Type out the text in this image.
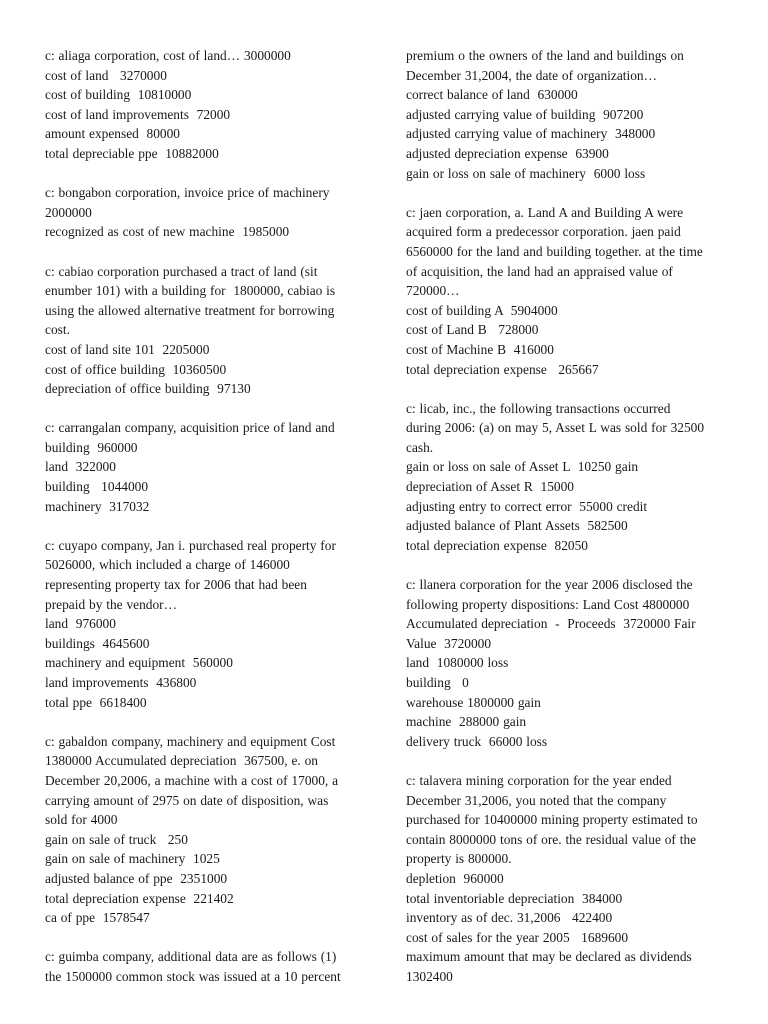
c: aliaga corporation, cost of land… 3000000
cost of land   3270000
cost of building  10810000
cost of land improvements  72000
amount expensed  80000
total depreciable ppe  10882000
c: bongabon corporation, invoice price of machinery
2000000
recognized as cost of new machine  1985000
c: cabiao corporation purchased a tract of land (sit
enumber 101) with a building for  1800000, cabiao is
using the allowed alternative treatment for borrowing
cost.
cost of land site 101  2205000
cost of office building  10360500
depreciation of office building  97130
c: carrangalan company, acquisition price of land and
building  960000
land  322000
building   1044000
machinery  317032
c: cuyapo company, Jan i. purchased real property for
5026000, which included a charge of 146000
representing property tax for 2006 that had been
prepaid by the vendor…
land  976000
buildings  4645600
machinery and equipment  560000
land improvements  436800
total ppe  6618400
c: gabaldon company, machinery and equipment Cost
1380000 Accumulated depreciation  367500, e. on
December 20,2006, a machine with a cost of 17000, a
carrying amount of 2975 on date of disposition, was
sold for 4000
gain on sale of truck   250
gain on sale of machinery  1025
adjusted balance of ppe  2351000
total depreciation expense  221402
ca of ppe  1578547
c: guimba company, additional data are as follows (1)
the 1500000 common stock was issued at a 10 percent
premium o the owners of the land and buildings on
December 31,2004, the date of organization…
correct balance of land  630000
adjusted carrying value of building  907200
adjusted carrying value of machinery  348000
adjusted depreciation expense  63900
gain or loss on sale of machinery  6000 loss
c: jaen corporation, a. Land A and Building A were
acquired form a predecessor corporation. jaen paid
6560000 for the land and building together. at the time
of acquisition, the land had an appraised value of
720000…
cost of building A  5904000
cost of Land B   728000
cost of Machine B  416000
total depreciation expense   265667
c: licab, inc., the following transactions occurred
during 2006: (a) on may 5, Asset L was sold for 32500
cash.
gain or loss on sale of Asset L  10250 gain
depreciation of Asset R  15000
adjusting entry to correct error  55000 credit
adjusted balance of Plant Assets  582500
total depreciation expense  82050
c: llanera corporation for the year 2006 disclosed the
following property dispositions: Land Cost 4800000
Accumulated depreciation  -  Proceeds  3720000 Fair
Value  3720000
land  1080000 loss
building   0
warehouse 1800000 gain
machine  288000 gain
delivery truck  66000 loss
c: talavera mining corporation for the year ended
December 31,2006, you noted that the company
purchased for 10400000 mining property estimated to
contain 8000000 tons of ore. the residual value of the
property is 800000.
depletion  960000
total inventoriable depreciation  384000
inventory as of dec. 31,2006   422400
cost of sales for the year 2005   1689600
maximum amount that may be declared as dividends
1302400
